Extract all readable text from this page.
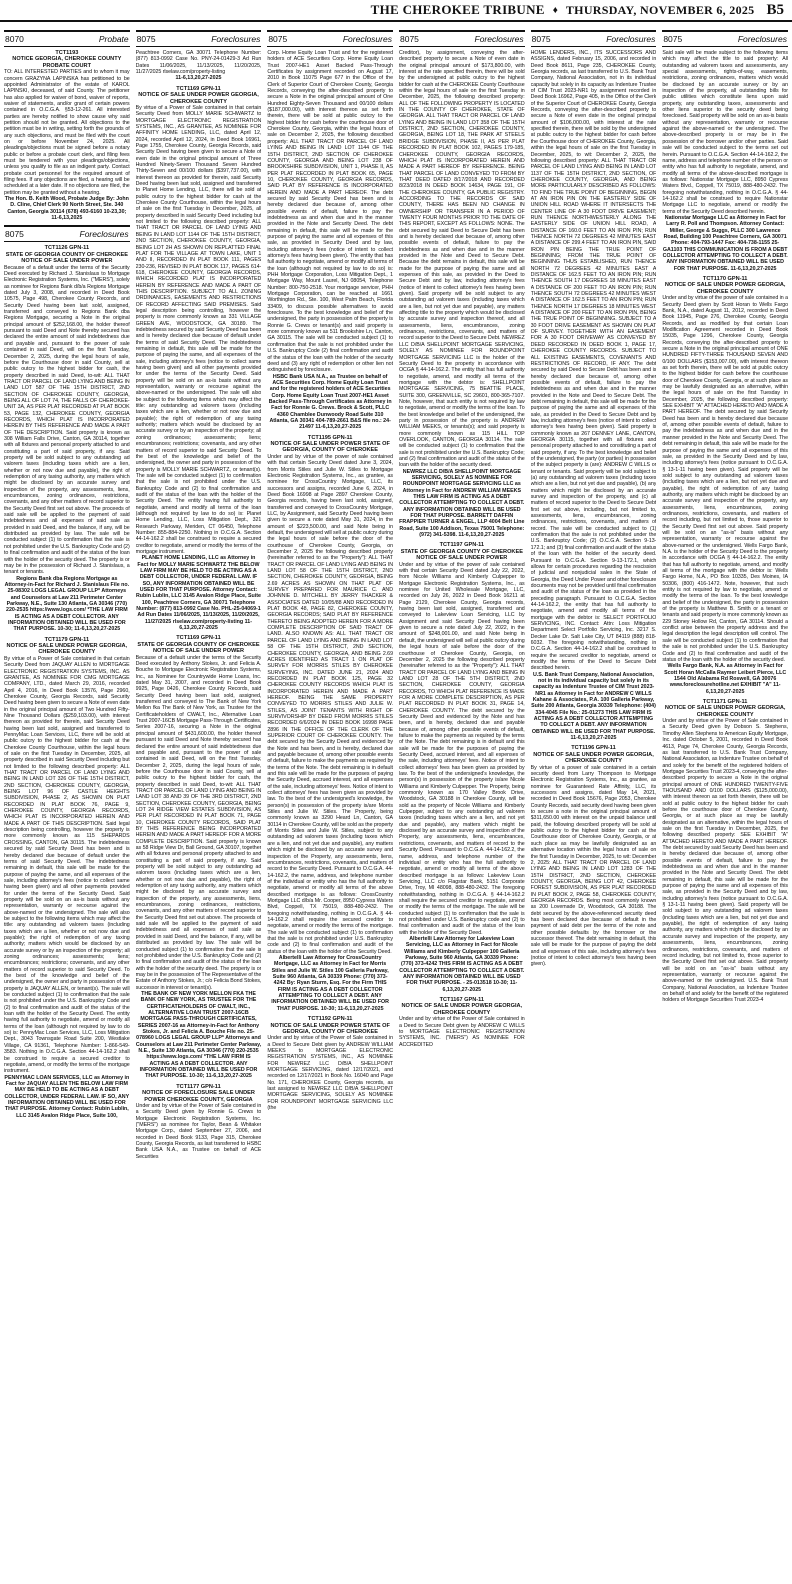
THE CHEROKEE TRIBUNE ♦ THURSDAY, NOVEMBER 6, 2025 B5
8070	Probate
TCT1193
NOTICE GEORGIA, CHEROKEE COUNTY PROBATE COURT
TO: ALL INTERESTED PARTIES and to whom it may concern GRAZYNA LAPINSKA has petitioned to be appointed Administrator of the estate of KAROL LAPINSKI, deceased, of said County. The petitioner has also applied for waiver of bond, waiver of reports, waiver of statements, and/or grant of certain powers contained in O.C.G.A. §53-12-261. All interested parties are hereby notified to show cause why said petition should not be granted. All objections to the petition must be in writing, setting forth the grounds of any such objections, and must be filed with the court on or before November 24, 2025. All pleadings/objections must be signed before a notary public or before a probate court clerk, and filing fees must be tendered with your pleadings/objections, unless you qualify to file as an indigent party. Contact probate court personnel for the required amount of filing fees. If any objections are filed, a hearing will be scheduled at a later date. If no objections are filed, the petition may be granted without a hearing.
The Hon. B. Keith Wood, Probate Judge By: John D. Cline, Chief Clerk 90 North Street, Ste. 340 Canton, Georgia 30114 (678) 493-6160 10-23,30; 11-6,13,2025
8075	Foreclosures
TCT1126 GPN-11
STATE OF GEORGIA COUNTY OF CHEROKEE NOTICE OF SALE UNDER POWER
Because of a default under the terms of the Security Deed executed by Richard J. Stanislaus to Mortgage Electronic Registration Systems, Inc. ("MERS"), solely as nominee for Regions Bank d/b/a Regions Mortgage dated July 3, 2008, and recorded in Deed Book 10575, Page 498, Cherokee County Records, and Security Deed having been last sold, assigned, transferred and conveyed to Regions Bank dba Regions Mortgage, securing a Note in the original principal amount of $252,168.00, the holder thereof pursuant to said Deed and Note thereby secured has declared the entire amount of said indebtedness due and payable and, pursuant to the power of sale contained in said Deed, will on the first Tuesday, December 2, 2025, during the legal hours of sale, before the Courthouse door in said County, sell at public outcry to the highest bidder for cash, the property described in said Deed, to-wit: ALL THAT TRACT OR PARCEL OF LAND LYING AND BEING IN LAND LOT 587 OF THE 15TH DISTRICT, 2ND SECTION OF CHEROKEE COUNTY, GEORGIA, BEING ALL OF LOT 74, THE FALLS OF CHEROKEE-UNIT 3A, AS PER PLAT RECORDED AT PLAT BOOK 53, PAGE 132, CHEROKEE COUNTY, GEORGIA RECORDS, WHICH PLAT IS INCORPORATED HEREIN BY THIS REFERENCE AND MADE A PART OF THE DESCRIPTION. Said property is known as 308 William Falls Drive, Canton, GA 30114, together with all fixtures and personal property attached to and constituting a part of said property, if any. Said property will be sold subject to any outstanding ad valorem taxes (including taxes which are a lien, whether or not now due and payable), the right of redemption of any taxing authority, any matters which might be disclosed by an accurate survey and inspection of the property, any assessments, liens, encumbrances, zoning ordinances, restrictions, covenants, and any other matters of record superior to the Security Deed first set out above. The proceeds of said sale will be applied to the payment of said indebtedness and all expenses of said sale as provided in said Deed, and the balance, if any, will be distributed as provided by law. The sale will be conducted subject (1) to confirmation that the sale is not prohibited under the U.S. Bankruptcy Code and (2) to final confirmation and audit of the status of the loan with the holder of the security deed. The property is or may be in the possession of Richard J. Stanislaus, a tenant or tenants.
Regions Bank dba Regions Mortgage as Attorney-in-Fact for Richard J. Stanislaus File no. 25-08302 LOGS LEGAL GROUP LLP* Attorneys and Counselors at Law 211 Perimeter Center Parkway, N.E., Suite 130 Atlanta, GA 30346 (770) 220-2535 https://www.logs.com/ *THE LAW FIRM IS ACTING AS A DEBT COLLECTOR. ANY INFORMATION OBTAINED WILL BE USED FOR THAT PURPOSE. 10-30; 11-6,13,20,27-2025
TCT1179 GPN-11
NOTICE OF SALE UNDER POWER GEORGIA, CHEROKEE COUNTY
By virtue of a Power of Sale contained in that certain Security Deed from JAQUAY ALLEN to MORTGAGE ELECTRONIC REGISTRATION SYSTEMS, INC. AS GRANTEE, AS NOMINEE FOR CMG MORTGAGE COMPANY, LTD., dated March 29, 2016, recorded April 4, 2016, in Deed Book 13576, Page 2960, Cherokee County, Georgia Records, said Security Deed having been given to secure a Note of even date in the original principal amount of Two Hundred Fifty-Nine Thousand Dollars ($259,103.00), with interest thereon as provided for therein, said Security Deed having been last sold, assigned and transferred to PennyMac Loan Services, LLC, there will be sold at public outcry to the highest bidder for cash at the Cherokee County Courthouse, within the legal hours of sale on the first Tuesday in December, 2025, all property described in said Security Deed including but not limited to the following described property: ALL THAT TRACT OR PARCEL OF LAND LYING AND BEING IN LAND LOT 326 OF THE 15TH DISTRICT, 2ND SECTION, CHEROKEE COUNTY, GEORGIA, BEING LOT 96 OF CASTLE HEIGHTS SUBDIVISION, PHASE 2, AS SHOWN ON PLAT RECORDED IN PLAT BOOK 76, PAGE 9, CHEROKEE COUNTY, GEORGIA RECORDS, WHICH PLAT IS INCORPORATED HEREIN AND MADE A PART OF THIS DESCRIPTION. Said legal description being controlling, however the property is more commonly known as 115 SHEPARDS CROSSING, CANTON, GA 30115. The indebtedness secured by said Security Deed has been and is hereby declared due because of default under the terms of said Security Deed. The indebtedness remaining in default, this sale will be made for the purpose of paying the same, and all expenses of the sale, including attorney's fees (notice to collect same having been given) and all other payments provided for under the terms of the Security Deed. Said property will be sold on an as-is basis without any representation, warranty or recourse against the above-named or the undersigned. The sale will also be subject to the following items which may affect the title: any outstanding ad valorem taxes (including taxes which are a lien, whether or not now due and payable); the right of redemption of any taxing authority; matters which would be disclosed by an accurate survey or by an inspection of the property; all zoning ordinances; assessments; liens; encumbrances; restrictions; covenants, and any other matters of record superior to said Security Deed. To the best of the knowledge and belief of the undersigned, the owner and party in possession of the property is JAQUAY ALLEN, or tenant(s). The sale will be conducted subject (1) to confirmation that the sale is not prohibited under the U.S. Bankruptcy Code and (2) to final confirmation and audit of the status of the loan with the holder of the Security Deed. The entity having full authority to negotiate, amend or modify all terms of the loan (although not required by law to do so) is: PennyMac Loan Services, LLC, Loss Mitigation Dept., 3043 Townsgate Road Suite 200, Westlake Village, CA 91361, Telephone Number: 1-866-549-3583. Nothing in O.C.G.A. Section 44-14-162.2 shall be construed to require a secured creditor to negotiate, amend, or modify the terms of the mortgage instrument.
PENNYMAC LOAN SERVICES, LLC as Attorney in Fact for JAQUAY ALLEN THE BELOW LAW FIRM MAY BE HELD TO BE ACTING AS A DEBT COLLECTOR, UNDER FEDERAL LAW. IF SO, ANY INFORMATION OBTAINED WILL BE USED FOR THAT PURPOSE. Attorney Contact: Rubin Lublin, LLC 3145 Avalon Ridge Place, Suite 100,
8075	Foreclosures
Peachtree Corners, GA 30071 Telephone Number: (877) 813-0992 Case No. PNY-24-01429-3 Ad Run Dates 11/06/2025, 11/13/2025, 11/20/2025, 11/27/2025 rlselaw.com/property-listing
11-6,13,20,27-2025
TCT1169 GPN-11
NOTICE OF SALE UNDER POWER GEORGIA, CHEROKEE COUNTY
By virtue of a Power of Sale contained in that certain Security Deed from MOLLY MARIE SCHWARTZ to MORTGAGE ELECTRONIC REGISTRATION SYSTEMS, INC., AS GRANTEE, AS NOMINEE FOR AFFINITY HOME LENDING, LLC, dated April 12, 2024, recorded April 12, 2024, in Deed Book 16961, Page 1755, Cherokee County, Georgia Records, said Security Deed having been given to secure a Note of even date in the original principal amount of Three Hundred Ninety-Seven Thousand Seven Hundred Thirty-Seven and 00/100 dollars ($397,737.00), with interest thereon as provided for therein, said Security Deed having been last sold, assigned and transferred to Planet Home Lending, LLC, there will be sold at public outcry to the highest bidder for cash at the Cherokee County Courthouse, within the legal hours of sale on the first Tuesday in December, 2025, all property described in said Security Deed including but not limited to the following described property: ALL THAT TRACT OR PARCEL OF LAND LYING AND BEING IN LAND LOT 1144 OF THE 15TH DISTRICT, 2ND SECTION, CHEROKEE COUNTY, GEORGIA, BEING LOT 2H AS SHOWN ON REPLATTED FINAL PLAT FOR THE VILLAGE AT TOWN LAKE, UNIT 1 AND II, RECORDED IN PLAT BOOK 111, PAGES 230-236, REVISED IN PLAT BOOK 117, PAGES 614-618, CHEROKEE COUNTY, GEORGIA RECORDS, WHICH RECORDED PLAT IS INCORPORATED HEREIN BY REFERENCE AND MADE A PART OF THIS DESCRIPTION. SUBJECT TO ALL ZONING ORDINANCES, EASEMENTS AND RESTRICTIONS OF RECORD AFFECTING SAID PREMISES. Said legal description being controlling, however the property is more commonly known as 331 VILLAGE GREEN AVE, WOODSTOCK, GA 30189. The indebtedness secured by said Security Deed has been and is hereby declared due because of default under the terms of said Security Deed. The indebtedness remaining in default, this sale will be made for the purpose of paying the same, and all expenses of the sale, including attorney's fees (notice to collect same having been given) and all other payments provided for under the terms of the Security Deed. Said property will be sold on an as-is basis without any representation, warranty or recourse against the above-named or the undersigned. The sale will also be subject to the following items which may affect the title: any outstanding ad valorem taxes (including taxes which are a lien, whether or not now due and payable); the right of redemption of any taxing authority; matters which would be disclosed by an accurate survey or by an inspection of the property; all zoning ordinances; assessments; liens; encumbrances; restrictions; covenants, and any other matters of record superior to said Security Deed. To the best of the knowledge and belief of the undersigned, the owner and party in possession of the property is MOLLY MARIE SCHWARTZ, or tenant(s). The sale will be conducted subject (1) to confirmation that the sale is not prohibited under the U.S. Bankruptcy Code and (2) to final confirmation and audit of the status of the loan with the holder of the Security Deed. The entity having full authority to negotiate, amend and modify all terms of the loan (although not required by law to do so) is: Planet Home Lending, LLC, Loss Mitigation Dept., 321 Research Parkway, Meriden, CT 06450, Telephone Number: 855-884-2250. Nothing in O.C.G.A. Section 44-14-162.2 shall be construed to require a secured creditor to negotiate, amend or modify the terms of the mortgage instrument.
PLANET HOME LENDING, LLC as Attorney in Fact for MOLLY MARIE SCHWARTZ THE BELOW LAW FIRM MAY BE HELD TO BE ACTING AS A DEBT COLLECTOR, UNDER FEDERAL LAW. IF SO, ANY INFORMATION OBTAINED WILL BE USED FOR THAT PURPOSE. Attorney Contact: Rubin Lublin, LLC 3145 Avalon Ridge Place, Suite 100, Peachtree Corners, GA 30071 Telephone Number: (877) 813-0992 Case No. PHL-25-04069-1 Ad Run Dates 11/06/2025, 11/13/2025, 11/20/2025, 11/27/2025 rlselaw.com/property-listing 11-6,13,20,27-2025
TCT1169 GPN-11
STATE OF GEORGIA COUNTY OF CHEROKEE NOTICE OF SALE UNDER POWER
Because of a default under the terms of the Security Deed executed by Anthony Stokes, Jr. and Felicia A. Bouche to Mortgage Electronic Registration Systems, Inc., as Nominee for Countrywide Home Loans, Inc. dated May 31, 2007, and recorded in Deed Book 9925, Page 0426, Cherokee County Records, said Security Deed having been last sold, assigned, transferred and conveyed to The Bank of New York Mellon fka The Bank of New York, as Trustee for the Certificateholders of CWALT, Inc., Alternative Loan Trust 2007-16CB Mortgage Pass-Through Certificates, Series 2007-16, securing a Note in the original principal amount of $431,600.00, the holder thereof pursuant to said Deed and Note thereby secured has declared the entire amount of said indebtedness due and payable and, pursuant to the power of sale contained in said Deed, will on the first Tuesday, December 2, 2025, during the legal hours of sale, before the Courthouse door in said County, sell at public outcry to the highest bidder for cash, the property described in said Deed, to-wit: ALL THAT TRACT OR PARCEL OF LAND LYING AND BEING IN LAND LOT 38 AND 39 OF THE 3RD DISTRICT, 2ND SECTION, CHEROKEE COUNTY, GEORGIA, BEING LOT 24 RIDGE VIEW ESTATES SUBDIVISION, AS PER PLAT RECORDED IN PLAT BOOK 71, PAGE 10, CHEROKEE COUNTY RECORDS, SAID PLAT BY THIS REFERENCE BEING INCORPORATED HEREIN AND MADE A PART HEREOF FOR A MORE COMPLETE DESCRIPTION. Said property is known as 58 Ridge View Dr, Ball Ground, GA 30107, together with all fixtures and personal property attached to and constituting a part of said property, if any. Said property will be sold subject to any outstanding ad valorem taxes (including taxes which are a lien, whether or not now due and payable), the right of redemption of any taxing authority, any matters which might be disclosed by an accurate survey and inspection of the property, any assessments, liens, encumbrances, zoning ordinances, restrictions, covenants, and any other matters of record superior to the Security Deed first set out above. The proceeds of said sale will be applied to the payment of said indebtedness and all expenses of said sale as provided in said Deed, and the balance, if any, will be distributed as provided by law. The sale will be conducted subject (1) to confirmation that the sale is not prohibited under the U.S. Bankruptcy Code and (2) to final confirmation and audit of the status of the loan with the holder of the security deed. The property is or may be in the possession of The Representative of the Estate of Anthony Stokes, Jr.; c/o Felicia Bond Stokes, successor in interest or tenant(s).
THE BANK OF NEW YORK MELLON FKA THE BANK OF NEW YORK, AS TRUSTEE FOR THE CERTIFICATEHOLDERS OF CWALT, INC., ALTERNATIVE LOAN TRUST 2007-16CB MORTGAGE PASS-THROUGH CERTIFICATES, SERIES 2007-16 as Attorney-in-Fact for Anthony Stokes, Jr. and Felicia A. Bouche File no. 25-078960 LOGS LEGAL GROUP LLP* Attorneys and Counselors at Law 211 Perimeter Center Parkway, N.E., Suite 130 Atlanta, GA 30346 (770) 220-2535 https://www.logs.com/ *THE LAW FIRM IS ACTING AS A DEBT COLLECTOR. ANY INFORMATION OBTAINED WILL BE USED FOR THAT PURPOSE. 10-30; 11-6,13,20,27-2025
TCT1177 GPN-11
NOTICE OF FORECLOSURE SALE UNDER POWER CHEROKEE COUNTY, GEORGIA
Under and by virtue of the Power of Sale contained in a Security Deed given by Ronnie G. Crews to Mortgage Electronic Registration Systems, Inc. ("MERS") as nominee for Taylor, Bean & Whitaker Mortgage Corp., dated September 27, 2006, and recorded in Deed Book 9133, Page 315, Cherokee County, Georgia Records, as last transferred to HSBC Bank USA N.A., as Trustee on behalf of ACE Securities
8075	Foreclosures
Corp. Home Equity Loan Trust and for the registered holders of ACE Securities Corp. Home Equity Loan Trust 2007-HE1 Asset Backed Pass-Through Certificates by assignment recorded on August 17, 2010 in Book 11075 Page 677 in the Office of the Clerk of Superior Court of Cherokee County, Georgia Records, conveying the after-described property to secure a Note in the original principal amount of One Hundred Eighty-Seven Thousand and 00/100 dollars ($187,000.00), with interest thereon as set forth therein, there will be sold at public outcry to the highest bidder for cash before the courthouse door of Cherokee County, Georgia, within the legal hours of sale on December 2, 2025, the following described property: ALL THAT TRACT OR PARCEL OF LAND LYING AND BEING IN LAND LOT 1144 OF THE 15TH DISTRICT, 2ND SECTION OF CHEROKEE COUNTY, GEORGIA AND BEING LOT 238 OF BROOKSHIRE SUBDIVISION, UNIT 1, PHASE II, AS PER PLAT RECORDED IN PLAT BOOK 65, PAGE 10, CHEROKEE COUNTY, GEORGIA RECORDS, SAID PLAT BY REFERENCE IS INCORPORATED HEREIN AND MADE A PART HEREOF. The debt secured by said Security Deed has been and is hereby declared due because of, among other possible events of default, failure to pay the indebtedness as and when due and in the manner provided in the Note and Security Deed. The debt remaining in default, this sale will be made for the purpose of paying the same and all expenses of this sale, as provided in Security Deed and by law, including attorney's fees (notice of intent to collect attorney's fees having been given). The entity that has full authority to negotiate, amend or modify all terms of the loan (although not required by law to do so) is: PHH Mortgage Corporation, Loss Mitigation Dept., 1 Mortgage Way, Mount Laurel, NJ 08054, Telephone Number: 800-750-2518. Your mortgage servicer, PHH Mortgage Corporation, can be reached at 1661 Worthington Rd., Ste. 100, West Palm Beach, Florida 33409, to discuss possible alternatives to avoid foreclosure. To the best knowledge and belief of the undersigned, the party in possession of the property is Ronnie G. Crews or tenant(s) and said property is more commonly known as 511 Brookshire Ln, Canton, GA 30115. The sale will be conducted subject (1) to confirmation that the sale is not prohibited under the U.S. Bankruptcy Code (2) final confirmation and audit of the status of the loan with the holder of the security deed and (3) any right of redemption or other lien not extinguished by foreclosure.
HSBC Bank USA N.A., as Trustee on behalf of ACE Securities Corp. Home Equity Loan Trust and for the registered holders of ACE Securities Corp. Home Equity Loan Trust 2007-HE1 Asset Backed Pass-Through Certificates as Attorney in Fact for Ronnie G. Crews. Brock & Scott, PLLC 4360 Chamblee Dunwoody Road Suite 310 Atlanta, GA 30341 404-789-2661 B&S file no.: 24-21497 11-6,13,20,27-2025
TCT1195 GPN-11
NOTICE OF SALE UNDER POWER STATE OF GEORGIA, COUNTY OF CHEROKEE
Under and by virtue of the power of sale contained with that certain Security Deed dated June 3, 2024, from Morris Stiles and Julie W. Stiles to Mortgage Electronic Registration Systems, Inc., as grantee, as nominee for CrossCountry Mortgage, LLC, its successors and assigns, recorded June 6, 2024, in Deed Book 16998 at Page 2897 Cherokee County, Georgia records, having been last sold, assigned, transferred and conveyed to CrossCountry Mortgage, LLC, by Assignment, said Security Deed having been given to secure a note dated May 31, 2024, in the amount of $223,500.00, and said Note being in default, the undersigned will sell at public outcry during the legal hours of sale before the door of the courthouse of Cherokee County, Georgia, on December 2, 2025 the following described property (hereinafter referred to as the "Property"): ALL THAT TRACT OR PARCEL OF LAND LYING AND BEING IN LAND LOT 58 OF THE 15TH DISTRICT, 2ND SECTION, CHEROKEE COUNTY, GEORGIA, BEING 2.69 ACRES AS SHOWN ON THAT PLAT OF SURVEY PREPARED FOR MAURICE C. AND JOHNNIE D. MITCHELL BY JERRY THACKER & ASSOCIATES DATED 10/05/88 AND RECORDED IN PLAT BOOK 48, PAGE 82, CHEROKEE COUNTY, GEORGIA RECORDS; SAID PLAT BY REFERENCE THERETO BEING ADOPTED HEREIN FOR A MORE COMPLETE DESCRIPTION OF SAID TRACT OF LAND. ALSO KNOWN AS: ALL THAT TRACT OR PARCEL OF LAND LYING AND BEING IN LAND LOT 58 OF THE 15TH DISTRICT, 2ND SECTION, CHEROKEE COUNTY, GEORGIA, AND BEING 2.69 ACRES IDENTIFIED AS TRACT 1 ON PLAT OF SURVEY FOR MORRIS STILES BY CHEROKEE SURVEYING, INC. DATED JUNE 21, 2024 AND RECORDED IN PLAT BOOK 125, PAGE 32 CHEROKEE COUNTY RECORDS WHICH PLAT IS INCORPORATED HEREIN AND MADE A PART HEREOF. BEING THE SAME PROPERTY CONVEYED TO MORRIS STILES AND JULIE W. STILES, AS JOINT TENANTS WITH RIGHT OF SURVIVORSHIP BY DEED FROM MORRIS STILES RECORDED 6/6/2024 IN DEED BOOK 16998 PAGE 2896 IN THE OFFICE OF THE CLERK OF THE SUPERIOR COURT OF CHEROKEE COUNTY. The debt secured by the Security Deed and evidenced by the Note and has been, and is hereby, declared due and payable because of, among other possible events of default, failure to make the payments as required by the terms of the Note. The debt remaining is in default and this sale will be made for the purposes of paying the Security Deed, accrued interest, and all expenses of the sale, including attorneys' fees. Notice of intent to collect attorneys' fees has been given as provided by law. To the best of the undersigned's knowledge, the person(s) in possession of the property is/are Morris Stiles and Julie W. Stiles. The Property, being commonly known as 3290 Heard Ln, Canton, GA 30114 in Cherokee County, will be sold as the property of Morris Stiles and Julie W. Stiles, subject to any outstanding ad valorem taxes (including taxes which are a lien, and not yet due and payable), any matters which might be disclosed by an accurate survey and inspection of the Property, any assessments, liens, encumbrances, restrictions, covenants, and matters of record to the Security Deed. Pursuant to O.C.G.A. 44-14-162.2, the name, address, and telephone number of the individual or entity who has the full authority to negotiate, amend or modify all terms of the above described mortgage is as follows: CrossCountry Mortgage LLC d/b/a Mr. Cooper, 8950 Cypress Waters Blvd, Coppell, TX 75019, 888-480-2432. The foregoing notwithstanding, nothing in O.C.G.A. § 44-14-162.2 shall require the secured creditor to negotiate, amend or modify the terms of the mortgage. The sale will be conducted subject (1) to confirmation that the sale is not prohibited under U.S. Bankruptcy code and (2) to final confirmation and audit of the status of the loan with the holder of the Security Deed.
Albertelli Law Attorney for CrossCountry Mortgage, LLC as Attorney in Fact for Morris Stiles and Julie W. Stiles 100 Galleria Parkway, Suite 960 Atlanta, GA 30339 Phone: (770) 373-4242 By: Ryan Sturm, Esq. For the Firm THIS FIRM IS ACTING AS A DEBT COLLECTOR ATTEMPTING TO COLLECT A DEBT. ANY INFORMATION OBTAINED WILL BE USED FOR THAT PURPOSE. 10-30; 11-6,13,20,27-2025
TCT1192 GPN-11
NOTICE OF SALE UNDER POWER STATE OF GEORGIA, COUNTY OF CHEROKEE
Under and by virtue of the Power of Sale contained in a Deed to Secure Debt given by ANDREW WILLIAM MEEKS to MORTGAGE ELECTRONIC REGISTRATION SYSTEMS, INC., AS NOMINEE FOR NEWREZ LLC D/B/A SHELLPOINT MORTGAGE SERVICING, dated 12/17/2021, and recorded on 12/17/2021 in Book No. 16040 and Page No. 171, CHEROKEE County, Georgia records, as last assigned to NEWREZ LLC D/B/A SHELLPOINT MORTGAGE SERVICING, SOLELY AS NOMINEE FOR ROUNDPOINT MORTGAGE SERVICING LLC (the
8075	Foreclosures
Creditor), by assignment, conveying the after-described property to secure a Note of even date in the original principal amount of $173,800.00, with interest at the rate specified therein, there will be sold by the undersigned at public outcry to the highest bidder for cash at the CHEROKEE County Courthouse within the legal hours of sale on the first Tuesday in December, 2025, the following described property: ALL OF THE FOLLOWING PROPERTY IS LOCATED IN THE COUNTY OF CHEROKEE, STATE OF GEORGIA. ALL THAT TRACT OR PARCEL OF LAND LYING AND BEING IN LAND LOT 358 OF THE 15TH DISTRICT, 2ND SECTION, CHEROKEE COUNTY, GEORGIA, BEING LOT 18, THE PARK AT STEELS BRIDGE SUBDIVISION, PHASE II, AS PER PLAT RECORDED IN PLAT BOOK 102, PAGES 179-185, CHEROKEE COUNTY, GEORGIA RECORDS, WHICH PLAT IS INCORPORATED HEREIN AND MADE A PART HEREOF BY REFERENCE. BEING THAT PARCEL OF LAND CONVEYED TO FROM BY THAT DEED DATED 8/17/2018 AND RECORDED 8/23/2018 IN DEED BOOK 14634, PAGE 191, OF THE CHEROKEE COUNTY, GA PUBLIC REGISTRY. ACCORDING TO THE RECORDS OF SAID COUNTY, THERE HAS BEEN NO CHANGE IN OWNERSHIP OR TRANSFER IN A PERIOD OF TWENTY FOUR MONTHS PRIOR TO THE DATE OF THIS REPORT, EXCEPT AS FOLLOWS: NONE. The debt secured by said Deed to Secure Debt has been and is hereby declared due because of, among other possible events of default, failure to pay the indebtedness as and when due and in the manner provided in the Note and Deed to Secure Debt. Because the debt remains in default, this sale will be made for the purpose of paying the same and all expenses of this sale, as provided in the Deed to Secure Debt and by law, including attorney's fees (notice of intent to collect attorney's fees having been given). Said property will be sold subject to any outstanding ad valorem taxes (including taxes which are a lien, but not yet due and payable), any matters affecting title to the property which would be disclosed by accurate survey and inspection thereof, and all assessments, liens, encumbrances, zoning ordinances, restrictions, covenants, and matters of record superior to the Deed to Secure Debt. NEWREZ LLC D/B/A SHELLPOINT MORTGAGE SERVICING, SOLELY AS NOMINEE FOR ROUNDPOINT MORTGAGE SERVICING LLC is the holder of the Security Deed to the property in accordance with OCGA § 44-14-162.2. The entity that has full authority to negotiate, amend, and modify all terms of the mortgage with the debtor is: SHELLPOINT MORTGAGE SERVICING, 75 BEATTIE PLACE, SUITE 300, GREENVILLE, SC 29601, 800-365-7107. Note, however, that such entity is not required by law to negotiate, amend or modify the terms of the loan. To the best knowledge and belief of the undersigned, the party in possession of the property is ANDREW WILLIAM MEEKS, or tenants(s); and said property is more commonly known as 115 HILL TOP OVERLOOK, CANTON, GEORGIA 30114. The sale will be conducted subject (1) to confirmation that the sale is not prohibited under the U.S. Bankruptcy Code; and (2) final confirmation and audit of the status of the loan with the holder of the security deed.
NEWREZ LLC D/B/A SHELLPOINT MORTGAGE SERVICING, SOLELY AS NOMINEE FOR ROUNDPOINT MORTGAGE SERVICING LLC as Attorney in Fact for ANDREW WILLIAM MEEKS THIS LAW FIRM IS ACTING AS A DEBT COLLECTOR ATTEMPTING TO COLLECT A DEBT. ANY INFORMATION OBTAINED WILL BE USED FOR THAT PURPOSE. BARRETT DAFFIN FRAPPIER TURNER & ENGEL, LLP 4004 Belt Line Road, Suite 100 Addison, Texas 75001 Telephone: (972) 341-5398. 11-6,13,20,27-2025
TCT1197 GPN-11
STATE OF GEORGIA COUNTY OF CHEROKEE NOTICE OF SALE UNDER POWER
Under and by virtue of the power of sale contained with that certain Security Deed dated July 22, 2022, from Nicole Williams and Kimberly Culpepper to Mortgage Electronic Registration Systems, Inc., as nominee for United Wholesale Mortgage, LLC, recorded on July 26, 2022 in Deed Book 16211 at Page 2129, Cherokee County, Georgia records, having been last sold, assigned, transferred and conveyed to Lakeview Loan Servicing, LLC by Assignment and said Security Deed having been given to secure a note dated July 22, 2022, in the amount of $248,001.00, and said Note being in default, the undersigned will sell at public outcry during the legal hours of sale before the door of the courthouse of Cherokee County, Georgia, on December 2, 2025 the following described property (hereinafter referred to as the "Property"): ALL THAT TRACT OR PARCEL OF LAND LYING AND BEING IN LAND LOT 28 OF THE 5TH DISTRICT, 2ND SECTION, CHEROKEE COUNTY, GEORGIA RECORDS, TO WHICH PLAT REFERENCE IS MADE FOR A MORE COMPLETE DESCRIPTION, AS PER PLAT RECORDED IN PLAT BOOK 31, PAGE 14, CHEROKEE COUNTY. The debt secured by the Security Deed and evidenced by the Note and has been, and is hereby, declared due and payable because of, among other possible events of default, failure to make the payments as required by the terms of the Note. The debt remaining is in default and this sale will be made for the purposes of paying the Security Deed, accrued interest, and all expenses of the sale, including attorneys' fees. Notice of intent to collect attorneys' fees has been given as provided by law. To the best of the undersigned's knowledge, the person(s) in possession of the property is/are Nicole Williams and Kimberly Culpepper. The Property, being commonly known as 170 Valley Brook Drive, Woodstock, GA 30188 in Cherokee County, will be sold as the property of Nicole Williams and Kimberly Culpepper, subject to any outstanding ad valorem taxes (including taxes which are a lien, and not yet due and payable), any matters which might be disclosed by an accurate survey and inspection of the Property, any assessments, liens, encumbrances, restrictions, covenants, and matters of record to the Security Deed. Pursuant to O.C.G.A. 44-14-162.2, the name, address, and telephone number of the individual or entity who has the full authority to negotiate, amend or modify all terms of the above described mortgage is as follows: Lakeview Loan Servicing, LLC c/o Flagstar Bank, 5151 Corporate Drive, Troy, MI 48098, 888-480-2432. The foregoing notwithstanding, nothing in O.C.G.A. § 44-14-162.2 shall require the secured creditor to negotiate, amend or modify the terms of the mortgage. The sale will be conducted subject (1) to confirmation that the sale is not prohibited under U.S. Bankruptcy code and (2) to final confirmation and audit of the status of the loan with the holder of the Security Deed.
Albertelli Law Attorney for Lakeview Loan Servicing, LLC as Attorney in Fact for Nicole Williams and Kimberly Culpepper 100 Galleria Parkway, Suite 960 Atlanta, GA 30339 Phone: (770) 373-4242 THIS FIRM IS ACTING AS A DEBT COLLECTOR ATTEMPTING TO COLLECT A DEBT. ANY INFORMATION OBTAINED WILL BE USED FOR THAT PURPOSE. - 25-013518 10-30; 11-6,13,20,27-2025
TCT1167 GPN-11
NOTICE OF SALE UNDER POWER GEORGIA, CHEROKEE COUNTY
Under and by virtue of the Power of Sale contained in a Deed to Secure Debt given by ANDREW C WILLS to MORTGAGE ELECTRONIC REGISTRATION SYSTEMS, INC. ("MERS") AS NOMINEE FOR ACCREDITED
8075	Foreclosures
HOME LENDERS, INC., ITS SUCCESSORS AND ASSIGNS, dated February 15, 2006, and recorded in Deed Book 8611, Page 235, CHEROKEE County, Georgia records, as last transferred to U.S. Bank Trust Company, National Association, not in its individual capacity but solely in its capacity as Indenture Trustee of CIM Trust 2023-NR1 by assignment recorded in Deed Book 16962, Page 405, in the Office of the Clerk of the Superior Court of CHEROKEE County, Georgia Records, conveying the after-described property to secure a Note of even date in the original principal amount of $106,000.00, with interest at the rate specified therein, there will be sold by the undersigned at public outcry to the highest bidder for cash before the Courthouse door of CHEROKEE County, Georgia, within the legal hours of sale on the first Tuesday in December, 2025, to wit: December 2, 2025, the following described property: ALL THAT TRACT OR PARCEL OF LAND LYING AND BEING IN LAND LOT 1137 OF THE 15TH DISTRICT, 2ND SECTION, OF CHEROKEE COUNTY, GEORGIA, AND BEING MORE PARTICULARLY DESCRIBED AS FOLLOWS: TO FIND THE TRUE POINT OF BEGINNING, BEGIN AT AN IRON PIN ON THE EASTERLY SIDE OF UNION HILL ROAD WHERE IT INTERSECTS THE CENTER LINE OF A 30 FOOT DRIVE EASEMENT; RUN THENCE NORTHWESTERLY ALONG THE EASTERLY SIDE OF UNION HILL ROAD, A DISTANCE OF 160.0 FEET TO AN IRON PIN; RUN THENCE NORTH 72 DEGREES 42 MINUTES EAST A DISTANCE OF 299.4 FEET TO AN IRON PIN, SAID IRON PIN BEING THE TRUE POINT OF BEGINNING; FROM THE TRUE POINT OF BEGINNING THUS ESTABLISHED, RUN THENCE NORTH 72 DEGREES 42 MINUTES EAST A DISTANCE OF 162.5 FEET TO AN IRON PIN; RUN THENCE SOUTH 17 DEGREES 18 MINUTES EAST A DISTANCE OF 200 FEET TO AN IRON PIN; RUN THENCE SOUTH 72 DEGREES 42 MINUTES WEST A DISTANCE OF 162.5 FEET TO AN IRON PIN; RUN THENCE NORTH 17 DEGREES 18 MINUTES WEST A DISTANCE OF 200 FEET TO AN IRON PIN, BEING THE TRUE POINT OF BEGINNING. SUBJECT TO A 30 FOOT DRIVE EASEMENT AS SHOWN ON PLAT OF SURVEY. TOGETHER WITH AN EASEMENT FOR A 30 FOOT DRIVEWAY AS CONVEYED BY DEED RECORDED IN DEED BOOK 1, PAGE 17, CHEROKEE COUNTY RECORDS. SUBJECT TO ALL EXISTING EASEMENTS, COVENANTS AND RESTRICTIONS OF RECORD, IF ANY. The debt secured by said Deed to Secure Debt has been and is hereby declared due because of, among other possible events of default, failure to pay the indebtedness as and when due and in the manner provided in the Note and Deed to Secure Debt. The debt remaining in default, this sale will be made for the purpose of paying the same and all expenses of this sale, as provided in the Deed to Secure Debt and by law, including attorney's fees (notice of intent to collect attorney's fees having been given). Said property is commonly known as 267 DENNEY LANE, CANTON, GEORGIA 30115, together with all fixtures and personal property attached to and constituting a part of said property, if any. To the best knowledge and belief of the undersigned, the party (or parties) in possession of the subject property is (are): ANDREW C WILLS or tenant or tenants. Said property will be sold subject to (a) any outstanding ad valorem taxes (including taxes which are a lien, but not yet due and payable), (b) any matters which might be disclosed by an accurate survey and inspection of the property, and (c) all matters of record superior to the Deed to Secure Debt first set out above, including, but not limited to, assessments, liens, encumbrances, zoning ordinances, restrictions, covenants, and matters of record. The sale will be conducted subject to (1) confirmation that the sale is not prohibited under the U.S. Bankruptcy Code; (2) O.C.G.A. Section 9-13-172.1; and (3) final confirmation and audit of the status of the loan with the holder of the security deed. Pursuant to O.C.G.A. Section 9-13-172.1, which allows for certain procedures regarding the rescission of judicial and nonjudicial sales in the State of Georgia, the Deed Under Power and other foreclosure documents may not be provided until final confirmation and audit of the status of the loan as provided in the preceding paragraph. Pursuant to O.C.G.A. Section 44-14-162.2, the entity that has full authority to negotiate, amend and modify all terms of the mortgage with the debtor is: SELECT PORTFOLIO SERVICING, INC. Contact: Attn: Loss Mitigation Department Select Portfolio Servicing, Inc. 3217 S. Decker Lake Dr. Salt Lake City, UT 84119 (888) 818-6032. The foregoing notwithstanding, nothing in O.C.G.A. Section 44-14-162.2 shall be construed to require the secured creditor to negotiate, amend or modify the terms of the Deed to Secure Debt described herein.
U.S. Bank Trust Company, National Association, not in its individual capacity but solely in its capacity as Indenture Trustee of CIM Trust 2023-NR1 as Attorney in Fact for ANDREW C WILLS Kahane & Associates, P.A. 100 Galleria Parkway, Suite 200 Atlanta, Georgia 30339 Telephone: (404) 334-4045 File No.: 25-01273 THIS LAW FIRM IS ACTING AS A DEBT COLLECTOR ATTEMPTING TO COLLECT A DEBT. ANY INFORMATION OBTAINED WILL BE USED FOR THAT PURPOSE. 11-6,13,20,27-2025
TCT1196 GPN-11
NOTICE OF SALE UNDER POWER GEORGIA, CHEROKEE COUNTY
By virtue of a power of sale contained in a certain security deed from Larry Thompson to Mortgage Electronic Registration Systems, Inc., as grantee, as nominee for Guaranteed Rate Affinity, LLC, its successors and assigns, dated May 14, 2021, recorded in Deed Book 15676, Page 2053, Cherokee County Records, said security deed having been given to secure a note in the original principal amount of $311,650.00 with interest on the unpaid balance until paid, the following described property will be sold at public outcry to the highest bidder for cash at the Courthouse door of Cherokee County, Georgia, or at such place as may be lawfully designated as an alternative location within the legal hours of sale on the first Tuesday in December, 2025, to wit: December 2, 2025: ALL THAT TRACT OR PARCEL OF LAND LYING AND BEING IN LAND LOT 1283 OF THE 15TH DISTRICT, 2ND SECTION, CHEROKEE COUNTY, GEORGIA, BEING LOT 42, CHEROKEE FOREST SUBDIVISION, AS PER PLAT RECORDED IN PLAT BOOK 2, PAGE 58, CHEROKEE COUNTY, GEORGIA RECORDS. Being most commonly known as 200 Lovemade Dr, Woodstock, GA 30188. The debt secured by the above-referenced security deed has been declared due because of default in the payment of said debt per the terms of the note and other possible defaults by the borrower or the successor thereof. The debt remaining in default, this sale will be made for the purpose of paying the debt and all expenses of this sale, including attorney's fees (notice of intent to collect attorney's fees having been given).
8075	Foreclosures
Said sale will be made subject to the following items which may affect the title to said property: All outstanding ad valorem taxes and assessments, any special assessments, rights-of-way, easements, restrictions, zoning ordinances, matters which would be disclosed by an accurate survey or by an inspection of the property, all outstanding bills for public utilities which constitute liens upon said property, any outstanding taxes, assessments and other liens superior to the security deed being foreclosed. Said property will be sold on an as-is basis without any representation, warranty or recourse against the above-named or the undersigned. The above-described property is or may be in the possession of the borrower and/or other parties. Said sale will be conducted subject to the terms set out herein. Pursuant to O.C.G.A. Section 44-14-162.2, the name, address and telephone number of the person or entity who has full authority to negotiate, amend, and modify all terms of the above-described mortgage is as follows: Nationstar Mortgage LLC, 8950 Cypress Waters Blvd., Coppell, TX 75019, 888-480-2432. The foregoing notwithstanding, nothing in O.C.G.A. § 44-14-162.2 shall be construed to require Nationstar Mortgage LLC to negotiate, amend or modify the terms of the Security Deed described herein.
Nationstar Mortgage LLC as Attorney in Fact for Larry R. Poll and Thompson. Attorney Contact: Miller, George & Suggs, PLLC 300 Lawrence Road, Building 100 Peachtree Corners, GA 30071 Phone: 404-793-1447 Fax: 404-738-1155 25-GA1103 THIS COMMUNICATION IS FROM A DEBT COLLECTOR ATTEMPTING TO COLLECT A DEBT. ANY INFORMATION OBTAINED WILL BE USED FOR THAT PURPOSE. 11-6,13,20,27-2025
TCT1170 GPN-11
NOTICE OF SALE UNDER POWER GEORGIA, CHEROKEE COUNTY
Under and by virtue of the power of sale contained in a Security Deed given by Scott Horan to Wells Fargo Bank, N.A., dated August 11, 2012, recorded in Deed Book 11945, Page 276, Cherokee County, Georgia Records, and as modified by that certain Loan Modification Agreement recorded in Deed Book 15035, Page 1296, Cherokee County, Georgia Records, conveying the after-described property to secure a Note in the original principal amount of ONE HUNDRED FIFTY-THREE THOUSAND SEVEN AND 0/100 DOLLARS ($153,007.00), with interest thereon as set forth therein, there will be sold at public outcry to the highest bidder for cash before the courthouse door of Cherokee County, Georgia, or at such place as may be lawfully designated as an alternative, within the legal hours of sale on the first Tuesday in December, 2025, the following described property: SEE EXHIBIT "A" ATTACHED HERETO AND MADE A PART HEREOF. The debt secured by said Security Deed has been and is hereby declared due because of, among other possible events of default, failure to pay the indebtedness as and when due and in the manner provided in the Note and Security Deed. The debt remaining in default, this sale will be made for the purpose of paying the same and all expenses of this sale, as provided in the Security Deed and by law, including attorney's fees (notice pursuant to O.C.G.A. § 13-1-11 having been given). Said property will be sold subject to any outstanding ad valorem taxes (including taxes which are a lien, but not yet due and payable), the right of redemption of any taxing authority, any matters which might be disclosed by an accurate survey and inspection of the property, any assessments, liens, encumbrances, zoning ordinances, restrictions, covenants, and matters of record including, but not limited to, those superior to the Security Deed first set out above. Said property will be sold on an "as-is" basis without any representation, warranty or recourse against the above-named or the undersigned. Wells Fargo Bank, N.A. is the holder of the Security Deed to the property in accordance with OCGA § 44-14-162.2. The entity that has full authority to negotiate, amend, and modify all terms of the mortgage with the debtor is: Wells Fargo Home, N.A., PO Box 10335, Des Moines, IA 50306, (800) 416-1472. Note, however, that such entity is not required by law to negotiate, amend or modify the terms of the loan. To the best knowledge and belief of the undersigned, the party in possession of the property is Matthew B. Smith or a tenant or tenants and said property is more commonly known as 229 Stoney Hollow Rd, Canton, GA 30114. Should a conflict arise between the property address and the legal description the legal description will control. The sale will be conducted subject (1) to confirmation that the sale is not prohibited under the U.S. Bankruptcy Code and (2) to final confirmation and audit of the status of the loan with the holder of the security deed.
Wells Fargo Bank, N.A. as Attorney in Fact for Scott Horan McCalla Raymer Leibert Pierce, LLC 1544 Old Alabama Rd Roswell, GA 30076 www.foreclosurehotline.net EXHIBIT "A" 11-6,13,20,27-2025
TCT1171 GPN-11
NOTICE OF SALE UNDER POWER GEORGIA, CHEROKEE COUNTY
Under and by virtue of the Power of Sale contained in a Security Deed given by Dobson S. Stephens, Timothy Allen Stephens to American Equity Mortgage, Inc. dated October 5, 2001, recorded in Deed Book 4613, Page 74, Cherokee County, Georgia Records, as last transferred to U.S. Bank Trust Company, National Association, as Indenture Trustee on behalf of and solely for the benefit of the registered holders of Mortgage Securities Trust 2023-4, conveying the after-described property to secure a Note in the original principal amount of ONE HUNDRED TWENTY-FIVE THOUSAND AND 0/100 DOLLARS ($125,000.00), with interest thereon as set forth therein, there will be sold at public outcry to the highest bidder for cash before the courthouse door of Cherokee County, Georgia, or at such place as may be lawfully designated as an alternative, within the legal hours of sale on the first Tuesday in December, 2025, the following described property: SEE EXHIBIT "A" ATTACHED HERETO AND MADE A PART HEREOF. The debt secured by said Security Deed has been and is hereby declared due because of, among other possible events of default, failure to pay the indebtedness as and when due and in the manner provided in the Note and Security Deed. The debt remaining in default, this sale will be made for the purpose of paying the same and all expenses of this sale, as provided in the Security Deed and by law, including attorney's fees (notice pursuant to O.C.G.A. § 13-1-11 having been given). Said property will be sold subject to any outstanding ad valorem taxes (including taxes which are a lien, but not yet due and payable), the right of redemption of any taxing authority, any matters which might be disclosed by an accurate survey and inspection of the property, any assessments, liens, encumbrances, zoning ordinances, restrictions, covenants, and matters of record including, but not limited to, those superior to the Security Deed first set out above. Said property will be sold on an "as-is" basis without any representation, warranty or recourse against the above-named or the undersigned. U.S. Bank Trust Company, National Association, as Indenture Trustee on behalf of and solely for the benefit of the registered holders of Mortgage Securities Trust 2023-4
